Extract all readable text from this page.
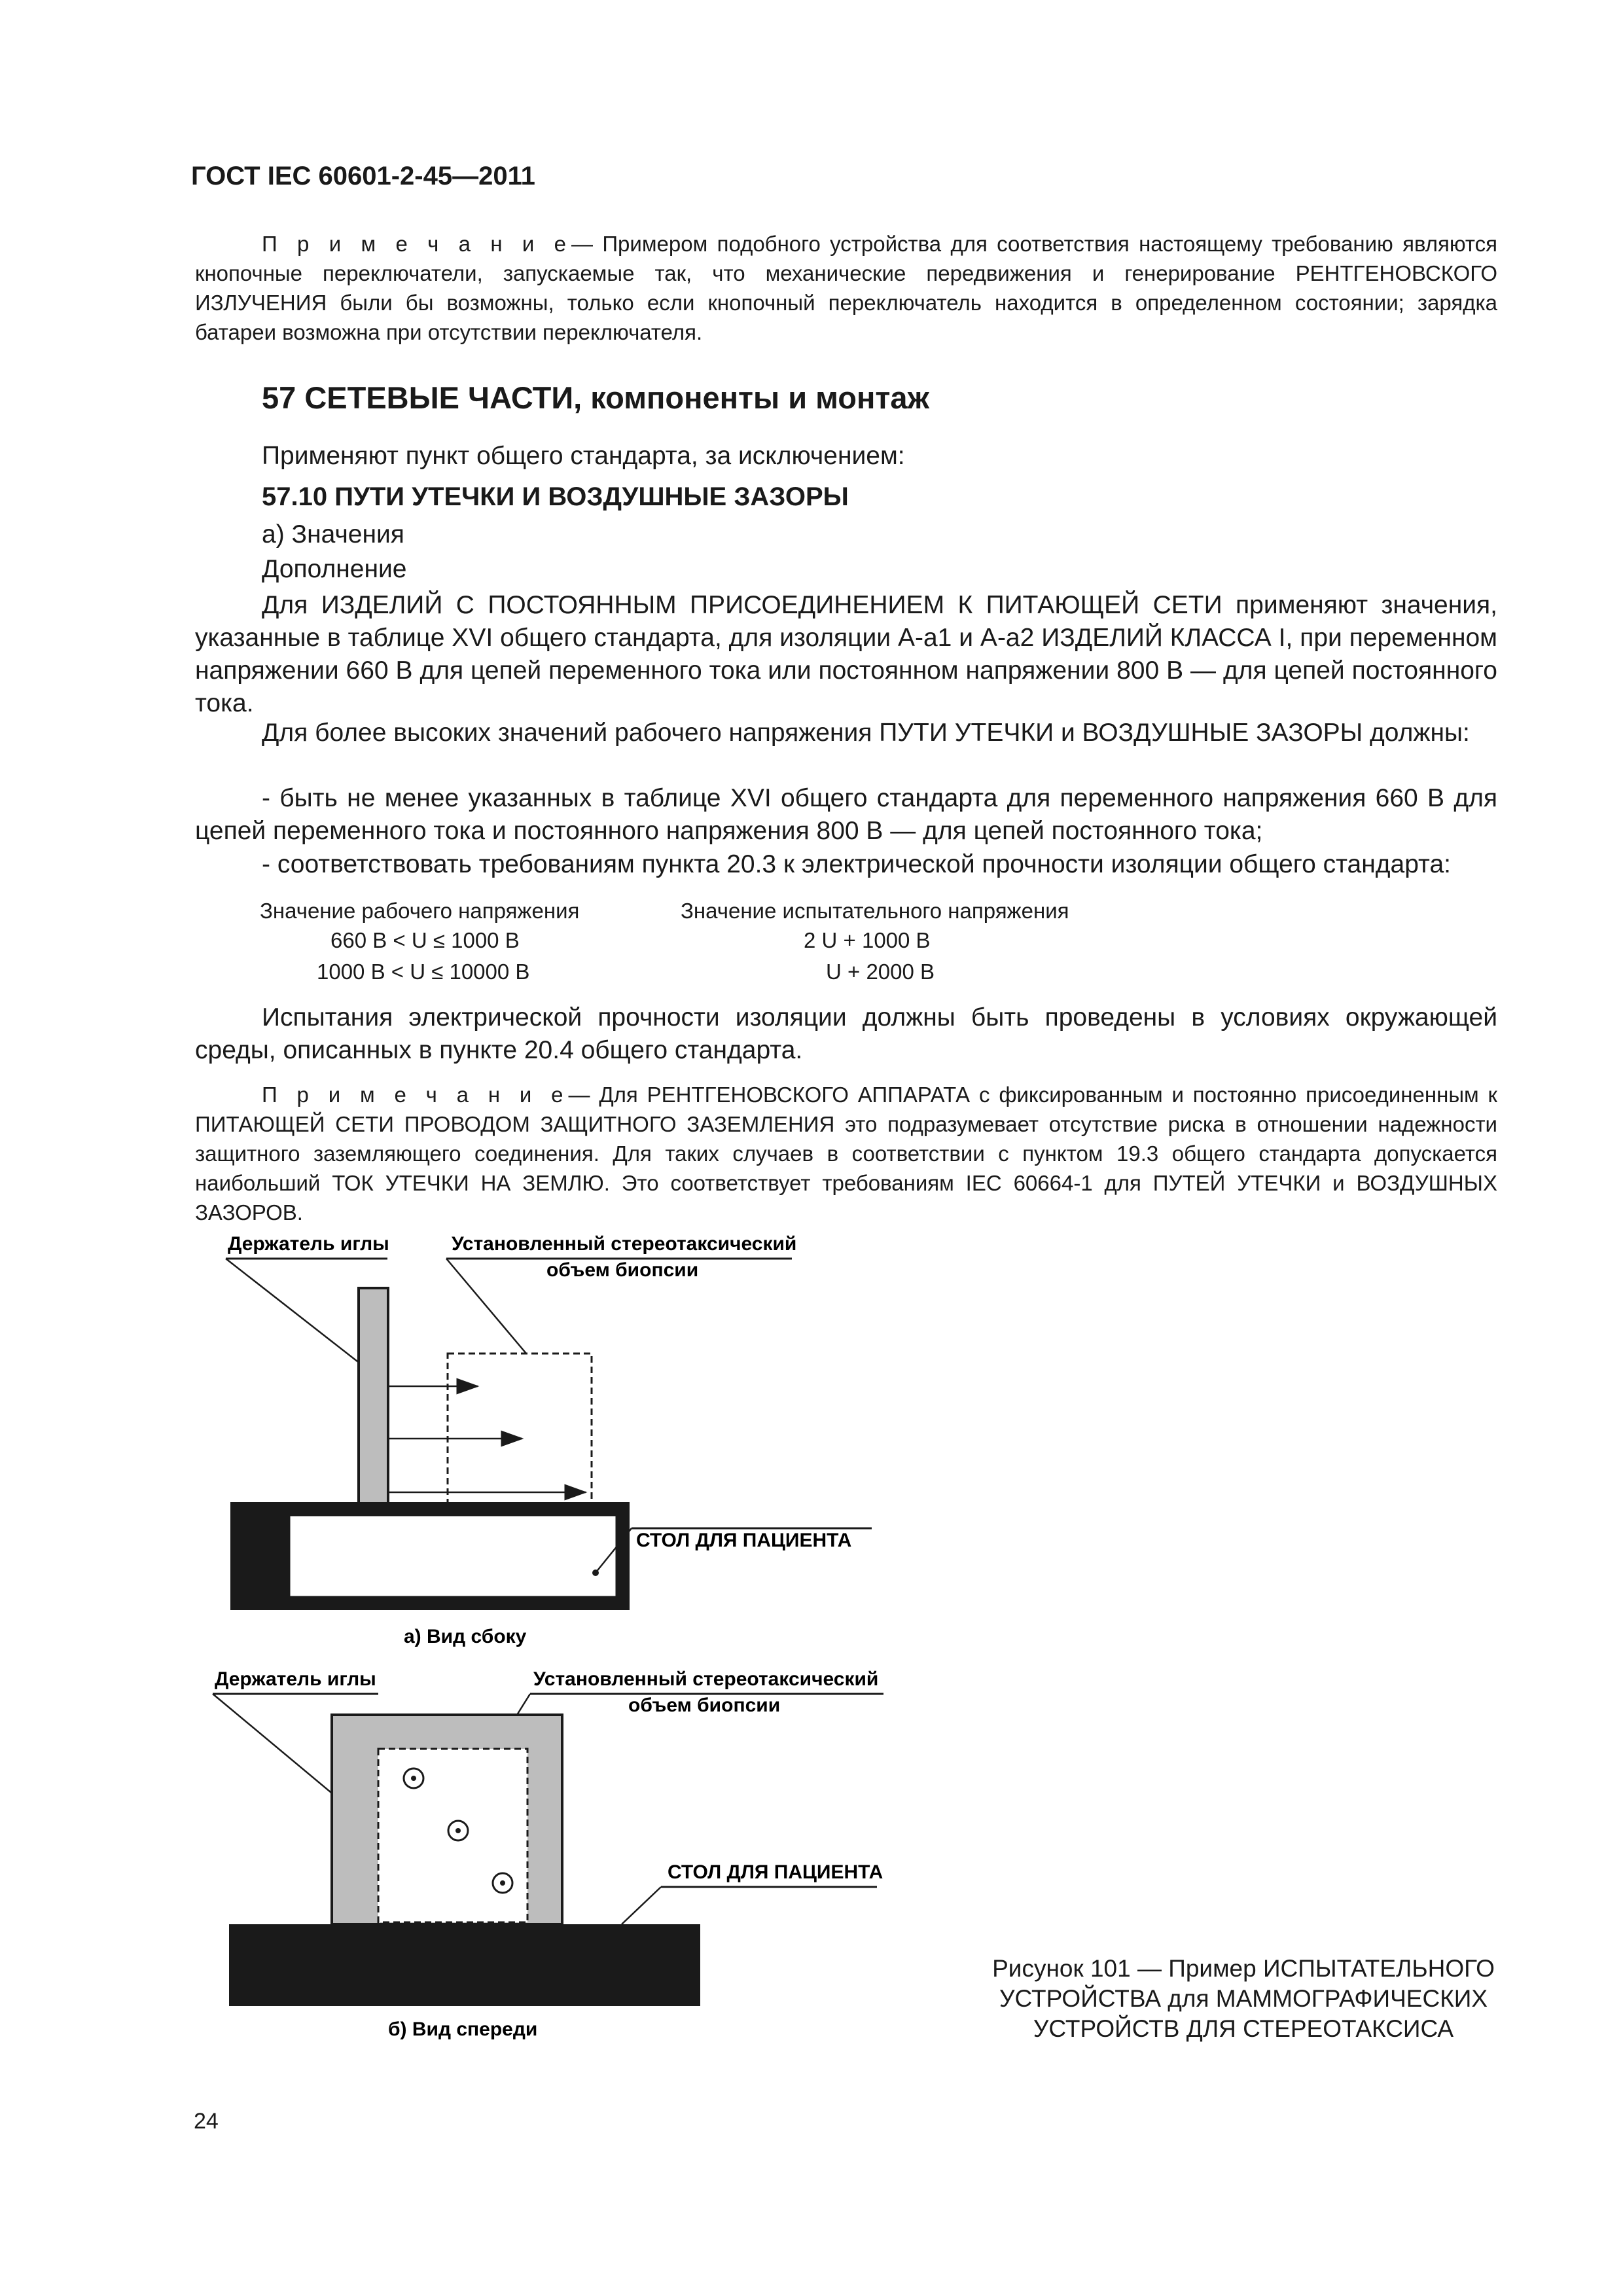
ГОСТ IEC 60601-2-45—2011
П р и м е ч а н и е— Примером подобного устройства для соответствия настоящему требованию являются кнопочные переключатели, запускаемые так, что механические передвижения и генерирование РЕНТГЕНОВСКОГО ИЗЛУЧЕНИЯ были бы возможны, только если кнопочный переключатель находится в определенном состоянии; зарядка батареи возможна при отсутствии переключателя.
57 СЕТЕВЫЕ ЧАСТИ, компоненты и монтаж
Применяют пункт общего стандарта, за исключением:
57.10 ПУТИ УТЕЧКИ И ВОЗДУШНЫЕ ЗАЗОРЫ
а) Значения
Дополнение
Для ИЗДЕЛИЙ С ПОСТОЯННЫМ ПРИСОЕДИНЕНИЕМ К ПИТАЮЩЕЙ СЕТИ применяют значения, указанные в таблице XVI общего стандарта, для изоляции А-а1 и А-а2 ИЗДЕЛИЙ КЛАССА I, при переменном напряжении 660 В для цепей переменного тока или постоянном напряжении 800 В — для цепей постоянного тока.
Для более высоких значений рабочего напряжения ПУТИ УТЕЧКИ и ВОЗДУШНЫЕ ЗАЗОРЫ должны:
- быть не менее указанных в таблице XVI общего стандарта для переменного напряжения 660 В для цепей переменного тока и постоянного напряжения 800 В — для цепей постоянного тока;
- соответствовать требованиям пункта 20.3 к электрической прочности изоляции общего стандарта:
Значение рабочего напряжения	Значение испытательного напряжения
660 В < U ≤ 1000 В	2 U + 1000 В
1000 В < U ≤ 10000 В	U + 2000 В
Испытания электрической прочности изоляции должны быть проведены в условиях окружающей среды, описанных в пункте 20.4 общего стандарта.
П р и м е ч а н и е— Для РЕНТГЕНОВСКОГО АППАРАТА с фиксированным и постоянно присоединенным к ПИТАЮЩЕЙ СЕТИ ПРОВОДОМ ЗАЩИТНОГО ЗАЗЕМЛЕНИЯ это подразумевает отсутствие риска в отношении надежности защитного заземляющего соединения. Для таких случаев в соответствии с пунктом 19.3 общего стандарта допускается наибольший ТОК УТЕЧКИ НА ЗЕМЛЮ. Это соответствует требованиям IEC 60664-1 для ПУТЕЙ УТЕЧКИ и ВОЗДУШНЫХ ЗАЗОРОВ.
Держатель иглы	Установленный стереотаксический
объем биопсии
СТОЛ ДЛЯ ПАЦИЕНТА
а) Вид сбоку
Держатель иглы	Установленный стереотаксический
объем биопсии
СТОЛ ДЛЯ ПАЦИЕНТА
б) Вид спереди
Рисунок 101 — Пример ИСПЫТАТЕЛЬНОГО
УСТРОЙСТВА для МАММОГРАФИЧЕСКИХ
УСТРОЙСТВ ДЛЯ СТЕРЕОТАКСИСА
24
